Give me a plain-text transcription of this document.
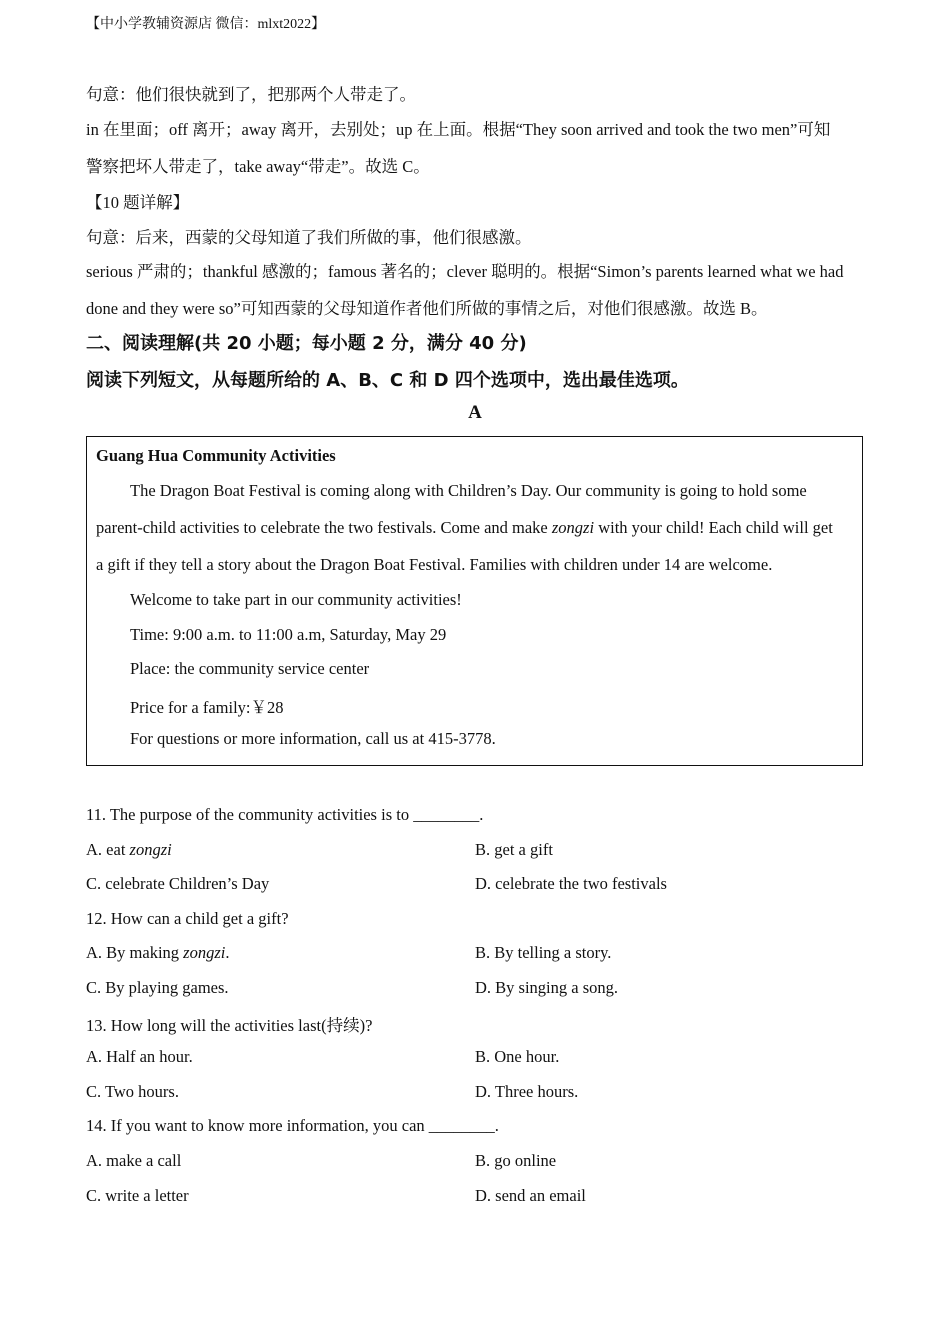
【中小学教辅资源店 微信：mlxt2022】
句意：他们很快就到了，把那两个人带走了。
in 在里面；off 离开；away 离开，去别处；up 在上面。根据“They soon arrived and took the two men”可知
警察把坏人带走了，take away“带走”。故选 C。
【10 题详解】
句意：后来，西蒙的父母知道了我们所做的事，他们很感激。
serious 严肃的；thankful 感激的；famous 著名的；clever 聪明的。根据“Simon’s parents learned what we had
done and they were so”可知西蒙的父母知道作者他们所做的事情之后，对他们很感激。故选 B。
二、阅读理解(共 20 小题；每小题 2 分，满分 40 分)
阅读下列短文，从每题所给的 A、B、C 和 D 四个选项中，选出最佳选项。
A
Guang Hua Community Activities
The Dragon Boat Festival is coming along with Children’s Day. Our community is going to hold some
parent-child activities to celebrate the two festivals. Come and make zongzi with your child! Each child will get
a gift if they tell a story about the Dragon Boat Festival. Families with children under 14 are welcome.
Welcome to take part in our community activities!
Time: 9:00 a.m. to 11:00 a.m, Saturday, May 29
Place: the community service center
Price for a family:￥28
For questions or more information, call us at 415-3778.
11. The purpose of the community activities is to ________.
A. eat zongzi	B. get a gift
C. celebrate Children’s Day	D. celebrate the two festivals
12. How can a child get a gift?
A. By making zongzi.	B. By telling a story.
C. By playing games.	D. By singing a song.
13. How long will the activities last(持续)?
A. Half an hour.	B. One hour.
C. Two hours.	D. Three hours.
14. If you want to know more information, you can ________.
A. make a call	B. go online
C. write a letter	D. send an email
